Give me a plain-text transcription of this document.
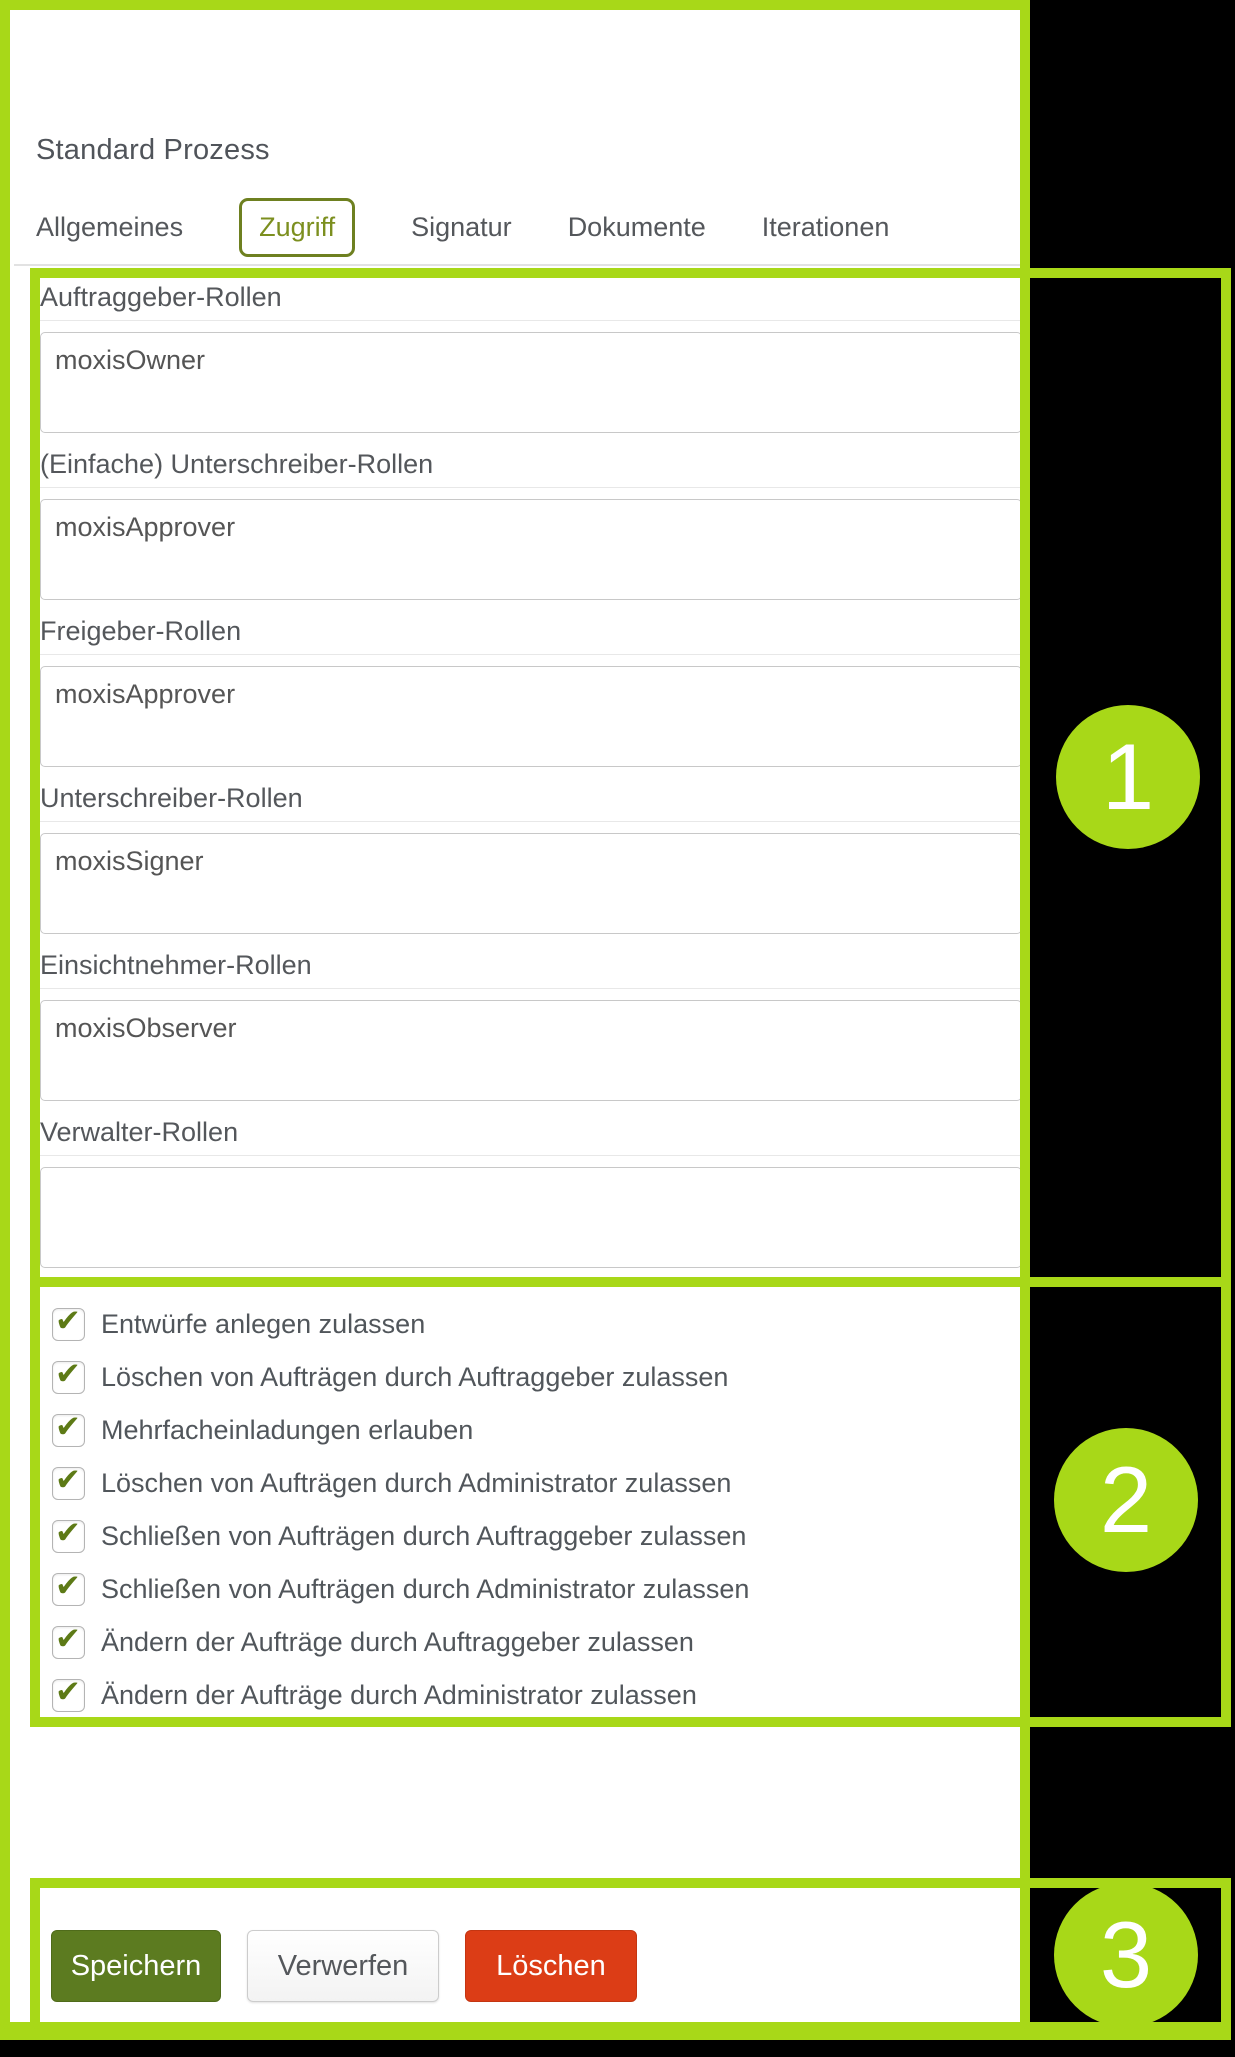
Standard Prozess
Allgemeines	Zugriff	Signatur Dokumente Iterationen
Auftraggeber-Rollen
moxisOwner
(Einfache) Unterschreiber-Rollen
moxisApprover
Freigeber-Rollen
moxisApprover
Unterschreiber-Rollen
moxisSigner
Einsichtnehmer-Rollen
moxisObserver
Verwalter-Rollen
✔ Entwürfe anlegen zulassen
✔ Löschen von Aufträgen durch Auftraggeber zulassen
✔ Mehrfacheinladungen erlauben
✔ Löschen von Aufträgen durch Administrator zulassen
✔ Schließen von Aufträgen durch Auftraggeber zulassen
✔ Schließen von Aufträgen durch Administrator zulassen
✔ Ändern der Aufträge durch Auftraggeber zulassen
✔ Ändern der Aufträge durch Administrator zulassen
Speichern	Verwerfen	Löschen
1
2
3
